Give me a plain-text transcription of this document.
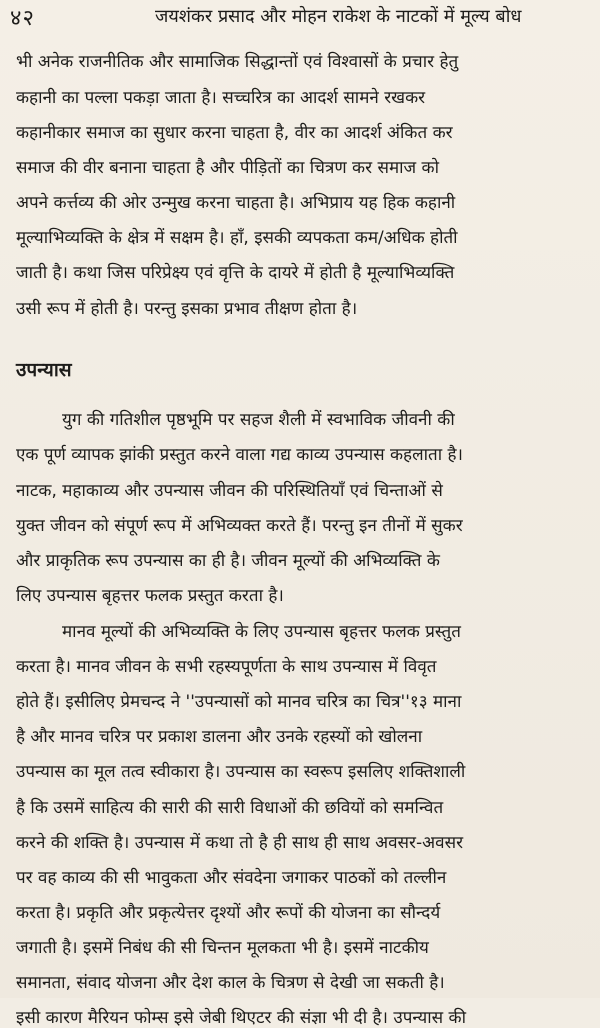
४२	जयशंकर प्रसाद और मोहन राकेश के नाटकों में मूल्य बोध
भी अनेक राजनीतिक और सामाजिक सिद्धान्तों एवं विश्वासों के प्रचार हेतु
कहानी का पल्ला पकड़ा जाता है। सच्चरित्र का आदर्श सामने रखकर
कहानीकार समाज का सुधार करना चाहता है, वीर का आदर्श अंकित कर
समाज की वीर बनाना चाहता है और पीड़ितों का चित्रण कर समाज को
अपने कर्त्तव्य की ओर उन्मुख करना चाहता है। अभिप्राय यह हिक कहानी
मूल्याभिव्यक्ति के क्षेत्र में सक्षम है। हाँ, इसकी व्यपकता कम/अधिक होती
जाती है। कथा जिस परिप्रेक्ष्य एवं वृत्ति के दायरे में होती है मूल्याभिव्यक्ति
उसी रूप में होती है। परन्तु इसका प्रभाव तीक्षण होता है।
उपन्यास
युग की गतिशील पृष्ठभूमि पर सहज शैली में स्वभाविक जीवनी की
एक पूर्ण व्यापक झांकी प्रस्तुत करने वाला गद्य काव्य उपन्यास कहलाता है।
नाटक, महाकाव्य और उपन्यास जीवन की परिस्थितियाँ एवं चिन्ताओं से
युक्त जीवन को संपूर्ण रूप में अभिव्यक्त करते हैं। परन्तु इन तीनों में सुकर
और प्राकृतिक रूप उपन्यास का ही है। जीवन मूल्यों की अभिव्यक्ति के
लिए उपन्यास बृहत्तर फलक प्रस्तुत करता है।
मानव मूल्यों की अभिव्यक्ति के लिए उपन्यास बृहत्तर फलक प्रस्तुत
करता है। मानव जीवन के सभी रहस्यपूर्णता के साथ उपन्यास में विवृत
होते हैं। इसीलिए प्रेमचन्द ने ''उपन्यासों को मानव चरित्र का चित्र''१३ माना
है और मानव चरित्र पर प्रकाश डालना और उनके रहस्यों को खोलना
उपन्यास का मूल तत्व स्वीकारा है। उपन्यास का स्वरूप इसलिए शक्तिशाली
है कि उसमें साहित्य की सारी की सारी विधाओं की छवियों को समन्वित
करने की शक्ति है। उपन्यास में कथा तो है ही साथ ही साथ अवसर-अवसर
पर वह काव्य की सी भावुकता और संवदेना जगाकर पाठकों को तल्लीन
करता है। प्रकृति और प्रकृत्येत्तर दृश्यों और रूपों की योजना का सौन्दर्य
जगाती है। इसमें निबंध की सी चिन्तन मूलकता भी है। इसमें नाटकीय
समानता, संवाद योजना और देश काल के चित्रण से देखी जा सकती है।
इसी कारण मैरियन फोम्स इसे जेबी थिएटर की संज्ञा भी दी है। उपन्यास की
